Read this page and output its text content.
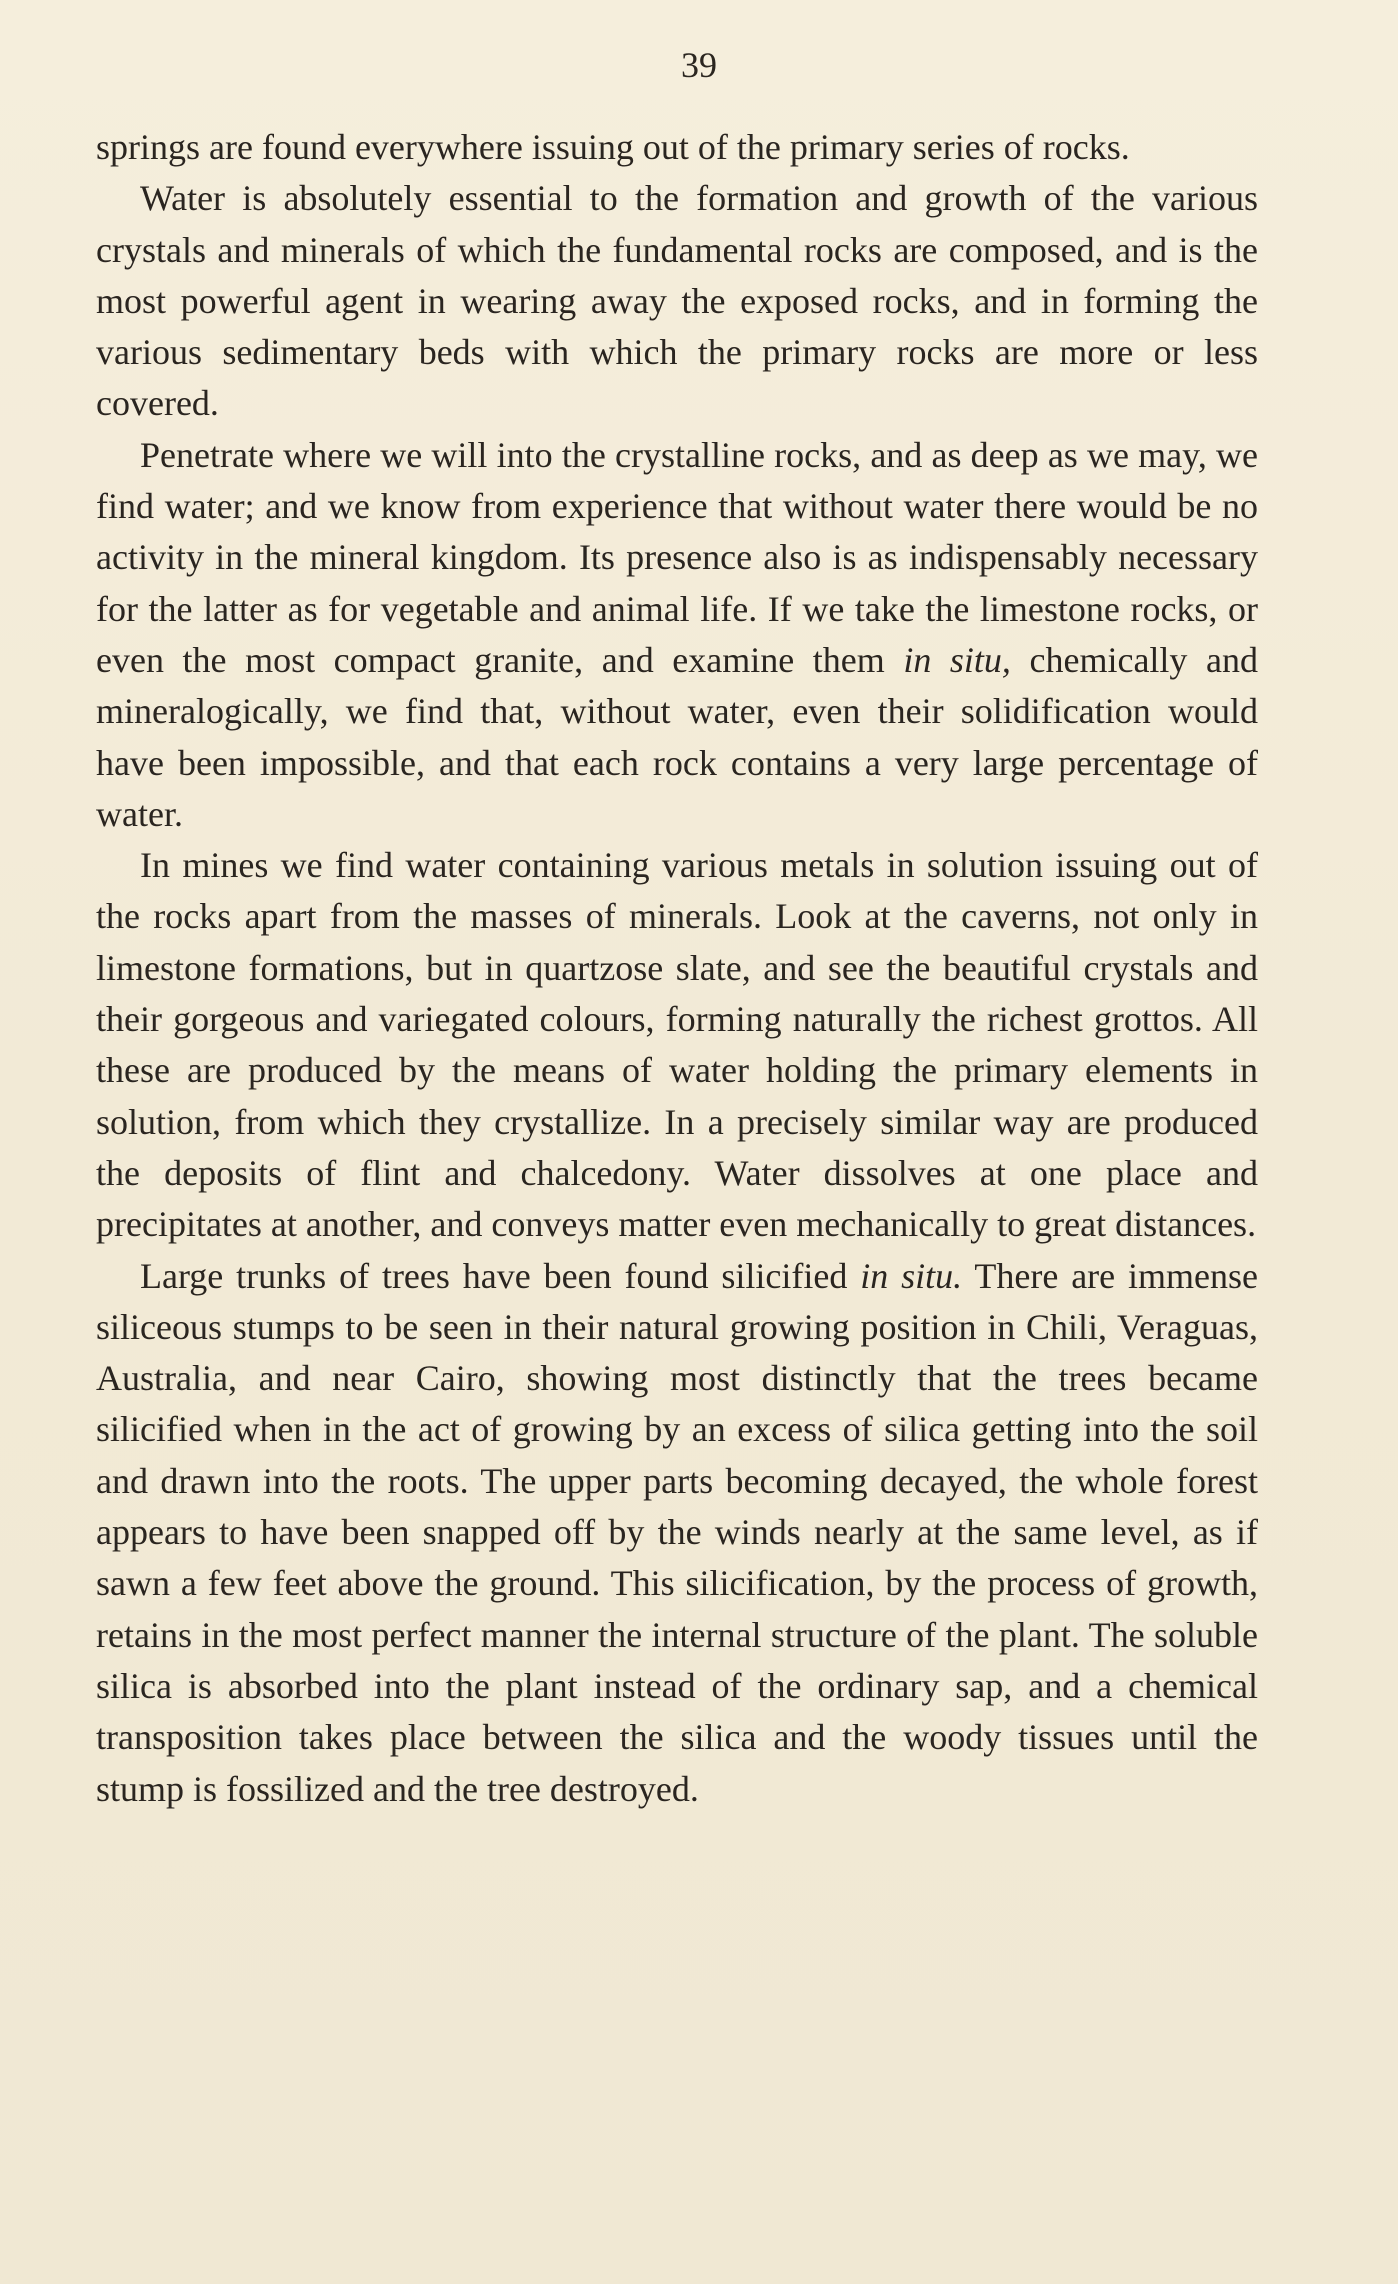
39

springs are found everywhere issuing out of the primary series of rocks.

Water is absolutely essential to the formation and growth of the various crystals and minerals of which the fundamental rocks are composed, and is the most powerful agent in wearing away the exposed rocks, and in forming the various sedimentary beds with which the primary rocks are more or less covered.

Penetrate where we will into the crystalline rocks, and as deep as we may, we find water; and we know from experience that without water there would be no activity in the mineral kingdom. Its presence also is as indispensably necessary for the latter as for vegetable and animal life. If we take the limestone rocks, or even the most compact granite, and examine them in situ, chemically and mineralogically, we find that, without water, even their solidification would have been impossible, and that each rock contains a very large percentage of water.

In mines we find water containing various metals in solution issuing out of the rocks apart from the masses of minerals. Look at the caverns, not only in limestone formations, but in quartzose slate, and see the beautiful crystals and their gorgeous and variegated colours, forming naturally the richest grottos. All these are produced by the means of water holding the primary elements in solution, from which they crystallize. In a precisely similar way are produced the deposits of flint and chalcedony. Water dissolves at one place and precipitates at another, and conveys matter even mechanically to great distances.

Large trunks of trees have been found silicified in situ. There are immense siliceous stumps to be seen in their natural growing position in Chili, Veraguas, Australia, and near Cairo, showing most distinctly that the trees became silicified when in the act of growing by an excess of silica getting into the soil and drawn into the roots. The upper parts becoming decayed, the whole forest appears to have been snapped off by the winds nearly at the same level, as if sawn a few feet above the ground. This silicification, by the process of growth, retains in the most perfect manner the internal structure of the plant. The soluble silica is absorbed into the plant instead of the ordinary sap, and a chemical transposition takes place between the silica and the woody tissues until the stump is fossilized and the tree destroyed.
